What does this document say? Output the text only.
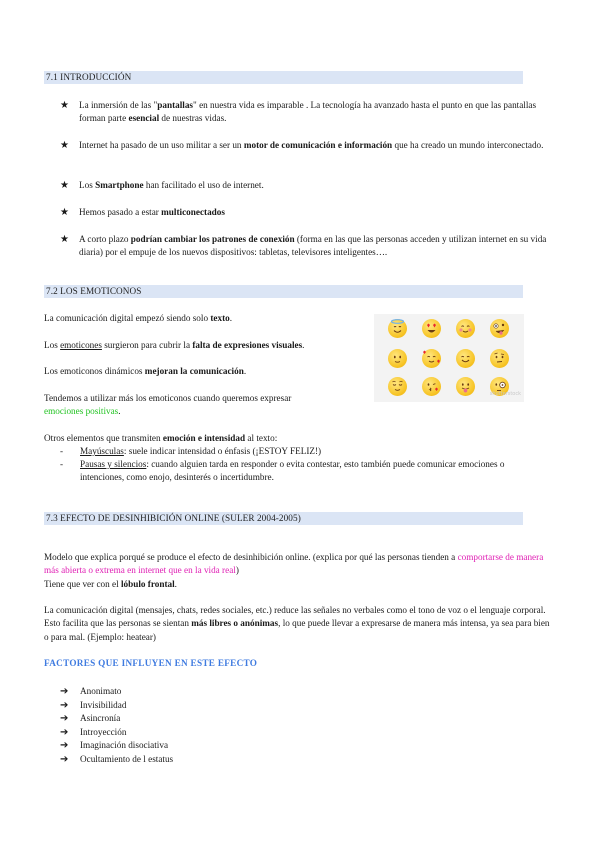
7.1 INTRODUCCIÓN
★ La inmersión de las "pantallas" en nuestra vida es imparable . La tecnología ha avanzado hasta el punto en que las pantallas forman parte esencial de nuestras vidas.
★ Internet ha pasado de un uso militar a ser un motor de comunicación e información que ha creado un mundo interconectado.
★ Los Smartphone han facilitado el uso de internet.
★ Hemos pasado a estar multiconectados
★ A corto plazo podrían cambiar los patrones de conexión (forma en las que las personas acceden y utilizan internet en su vida diaria) por el empuje de los nuevos dispositivos: tabletas, televisores inteligentes….
7.2 LOS EMOTICONOS
La comunicación digital empezó siendo solo texto.
Los emoticones surgieron para cubrir la falta de expresiones visuales.
Los emoticonos dinámicos mejoran la comunicación.
Tendemos a utilizar más los emoticonos cuando queremos expresar
emociones positivas.
Otros elementos que transmiten emoción e intensidad al texto:
- Mayúsculas: suele indicar intensidad o énfasis (¡ESTOY FELIZ!)
- Pausas y silencios: cuando alguien tarda en responder o evita contestar, esto también puede comunicar emociones o intenciones, como enojo, desinterés o incertidumbre.
shutterstock
7.3 EFECTO DE DESINHIBICIÓN ONLINE (SULER 2004-2005)
Modelo que explica porqué se produce el efecto de desinhibición online. (explica por qué las personas tienden a comportarse de manera más abierta o extrema en internet que en la vida real)
Tiene que ver con el lóbulo frontal.
La comunicación digital (mensajes, chats, redes sociales, etc.) reduce las señales no verbales como el tono de voz o el lenguaje corporal. Esto facilita que las personas se sientan más libres o anónimas, lo que puede llevar a expresarse de manera más intensa, ya sea para bien o para mal. (Ejemplo: heatear)
FACTORES QUE INFLUYEN EN ESTE EFECTO
➔ Anonimato
➔ Invisibilidad
➔ Asincronía
➔ Introyección
➔ Imaginación disociativa
➔ Ocultamiento de l estatus
